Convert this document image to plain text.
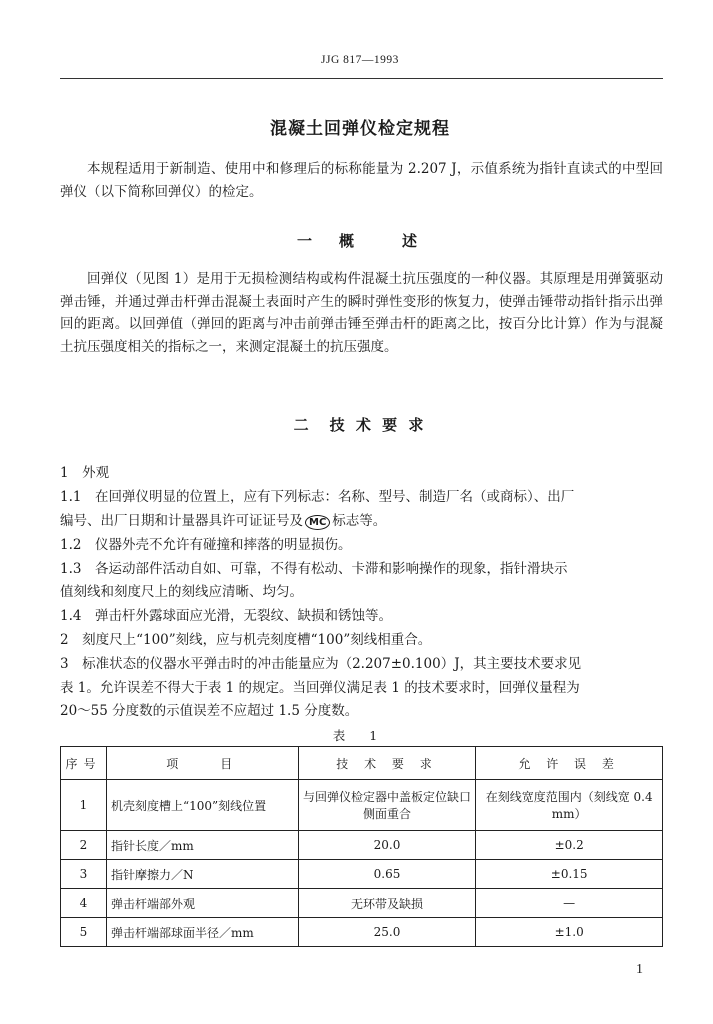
JJG 817—1993
混凝土回弹仪检定规程
本规程适用于新制造、使用中和修理后的标称能量为 2.207 J，示值系统为指针直读式的中型回弹仪（以下简称回弹仪）的检定。
一　概　　述
回弹仪（见图 1）是用于无损检测结构或构件混凝土抗压强度的一种仪器。其原理是用弹簧驱动弹击锤，并通过弹击杆弹击混凝土表面时产生的瞬时弹性变形的恢复力，使弹击锤带动指针指示出弹回的距离。以回弹值（弹回的距离与冲击前弹击锤至弹击杆的距离之比，按百分比计算）作为与混凝土抗压强度相关的指标之一，来测定混凝土的抗压强度。
二　技 术 要 求
1　外观
1.1　在回弹仪明显的位置上，应有下列标志：名称、型号、制造厂名（或商标）、出厂
编号、出厂日期和计量器具许可证证号及 MC 标志等。
1.2　仪器外壳不允许有碰撞和摔落的明显损伤。
1.3　各运动部件活动自如、可靠，不得有松动、卡滞和影响操作的现象，指针滑块示
值刻线和刻度尺上的刻线应清晰、均匀。
1.4　弹击杆外露球面应光滑，无裂纹、缺损和锈蚀等。
2　刻度尺上“100”刻线，应与机壳刻度槽“100”刻线相重合。
3　标准状态的仪器水平弹击时的冲击能量应为（2.207±0.100）J，其主要技术要求见
表 1。允许误差不得大于表 1 的规定。当回弹仪满足表 1 的技术要求时，回弹仪量程为
20～55 分度数的示值误差不应超过 1.5 分度数。
表 1
序号	项　　目	技 术 要 求	允 许 误 差
1	机壳刻度槽上“100”刻线位置	与回弹仪检定器中盖板定位缺口侧面重合	在刻线宽度范围内（刻线宽 0.4 mm）
2	指针长度／mm	20.0	±0.2
3	指针摩擦力／N	0.65	±0.15
4	弹击杆端部外观	无环带及缺损	—
5	弹击杆端部球面半径／mm	25.0	±1.0
1
